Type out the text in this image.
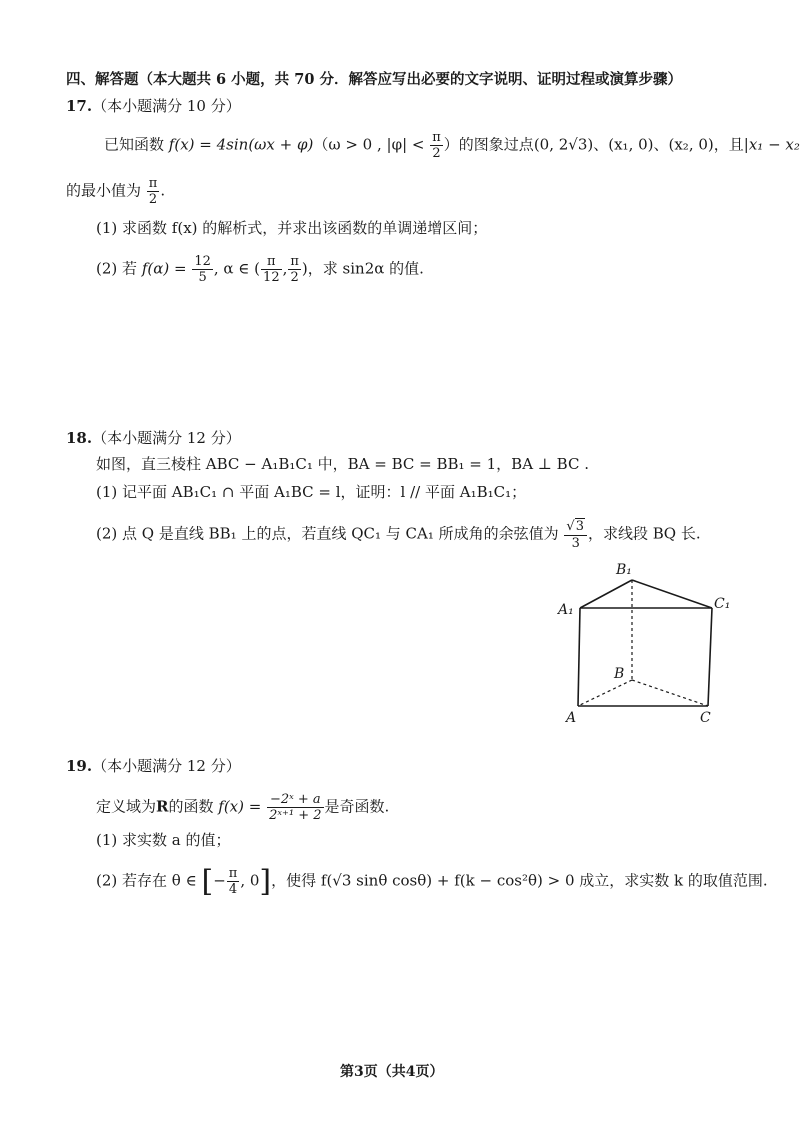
四、解答题（本大题共 6 小题，共 70 分．解答应写出必要的文字说明、证明过程或演算步骤）
17.（本小题满分 10 分）
已知函数 f(x) = 4sin(ωx + φ)（ω > 0 , $|\varphi| < \frac{\pi}{2}$ ）的图象过点(0, 2√3)、(x₁, 0)、(x₂, 0)，且|x₁ − x₂
的最小值为 $\frac{\pi}{2}$ .
(1) 求函数 f(x) 的解析式，并求出该函数的单调递增区间；
(2) 若 $f(\alpha) = \frac{12}{5}$ , α ∈ ( $\frac{\pi}{12}$ , $\frac{\pi}{2}$ )，求 sin2α 的值.
18.（本小题满分 12 分）
如图，直三棱柱 ABC − A₁B₁C₁ 中，BA = BC = BB₁ = 1，BA ⊥ BC .
(1) 记平面 AB₁C₁ ∩ 平面 A₁BC = l，证明：l // 平面 A₁B₁C₁；
(2) 点 Q 是直线 BB₁ 上的点，若直线 QC₁ 与 CA₁ 所成角的余弦值为 $\frac{√3}{3}$ ，求线段 BQ 长.
B₁
A₁	C₁
B
A	C
19.（本小题满分 12 分）
定义域为R的函数 $f(x) = \frac{\text{−2ˣ + a}}{\text{2ˣ⁺¹ + 2}}$ 是奇函数.
(1) 求实数 a 的值；
(2) 若存在 θ ∈ [− $\frac{\pi}{4}$ , 0]，使得 f(√3 sinθ cosθ) + f(k − cos²θ) > 0 成立，求实数 k 的取值范围.
第3页（共4页）
